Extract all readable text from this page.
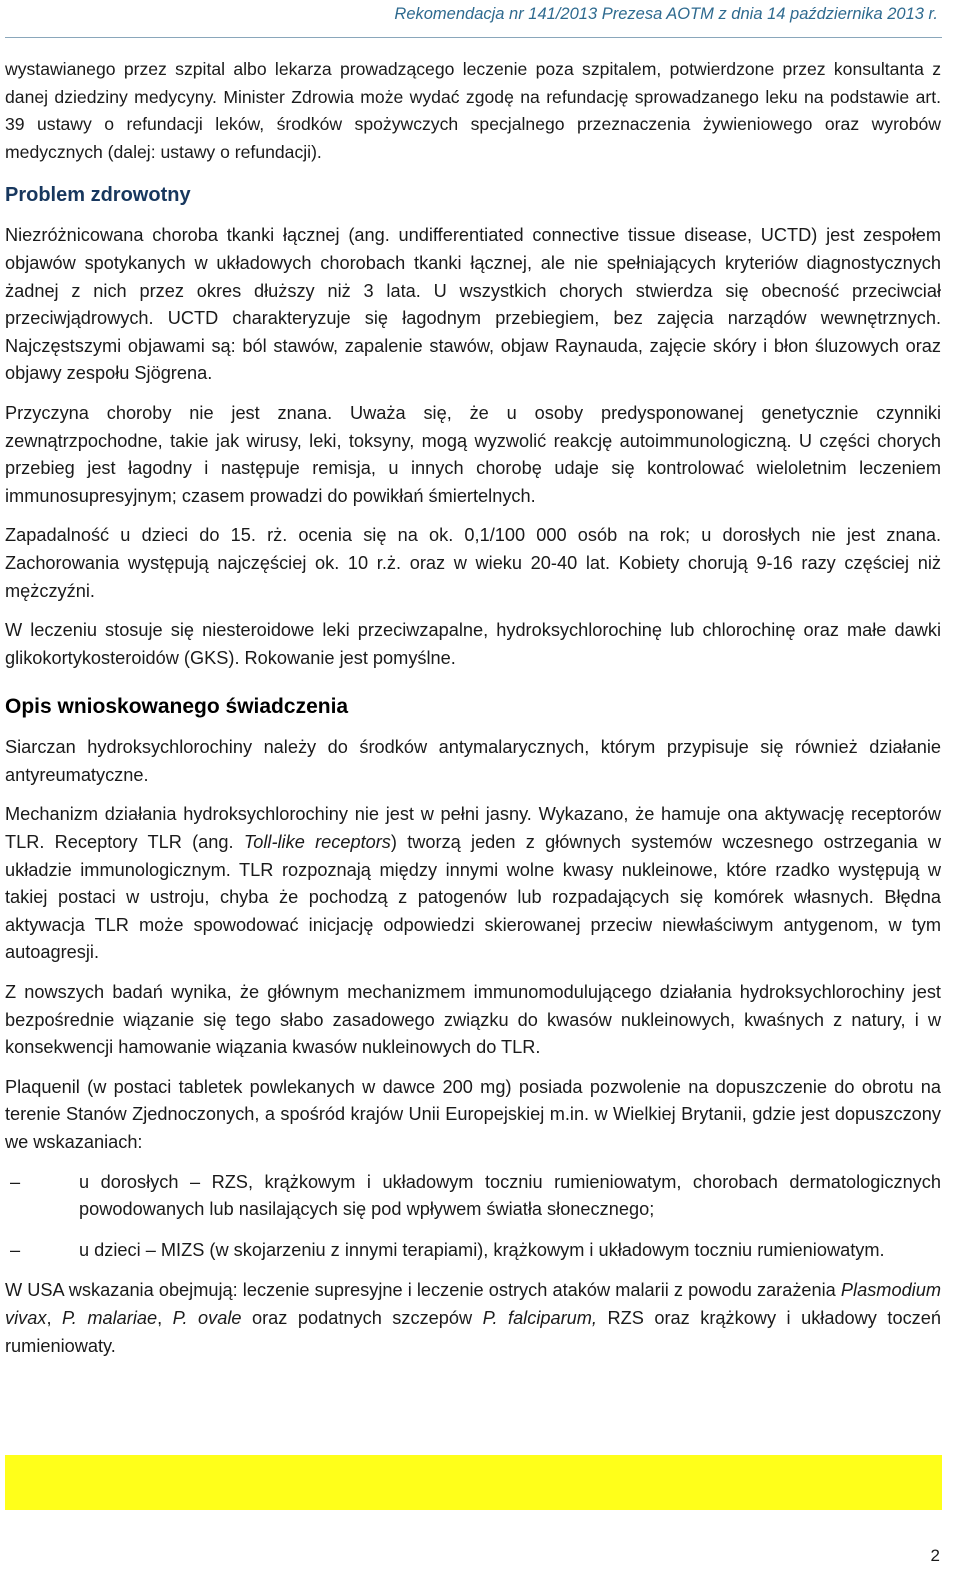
Rekomendacja nr 141/2013 Prezesa AOTM z dnia 14 października 2013 r.

wystawianego przez szpital albo lekarza prowadzącego leczenie poza szpitalem, potwierdzone przez konsultanta z danej dziedziny medycyny. Minister Zdrowia może wydać zgodę na refundację sprowadzanego leku na podstawie art. 39 ustawy o refundacji leków, środków spożywczych specjalnego przeznaczenia żywieniowego oraz wyrobów medycznych (dalej: ustawy o refundacji).

Problem zdrowotny

Niezróżnicowana choroba tkanki łącznej (ang. undifferentiated connective tissue disease, UCTD) jest zespołem objawów spotykanych w układowych chorobach tkanki łącznej, ale nie spełniających kryteriów diagnostycznych żadnej z nich przez okres dłuższy niż 3 lata. U wszystkich chorych stwierdza się obecność przeciwciał przeciwjądrowych. UCTD charakteryzuje się łagodnym przebiegiem, bez zajęcia narządów wewnętrznych. Najczęstszymi objawami są: ból stawów, zapalenie stawów, objaw Raynauda, zajęcie skóry i błon śluzowych oraz objawy zespołu Sjögrena.

Przyczyna choroby nie jest znana. Uważa się, że u osoby predysponowanej genetycznie czynniki zewnątrzpochodne, takie jak wirusy, leki, toksyny, mogą wyzwolić reakcję autoimmunologiczną. U części chorych przebieg jest łagodny i następuje remisja, u innych chorobę udaje się kontrolować wieloletnim leczeniem immunosupresyjnym; czasem prowadzi do powikłań śmiertelnych.

Zapadalność u dzieci do 15. rż. ocenia się na ok. 0,1/100 000 osób na rok; u dorosłych nie jest znana. Zachorowania występują najczęściej ok. 10 r.ż. oraz w wieku 20-40 lat. Kobiety chorują 9-16 razy częściej niż mężczyźni.

W leczeniu stosuje się niesteroidowe leki przeciwzapalne, hydroksychlorochinę lub chlorochinę oraz małe dawki glikokortykosteroidów (GKS). Rokowanie jest pomyślne.

Opis wnioskowanego świadczenia

Siarczan hydroksychlorochiny należy do środków antymalarycznych, którym przypisuje się również działanie antyreumatyczne.

Mechanizm działania hydroksychlorochiny nie jest w pełni jasny. Wykazano, że hamuje ona aktywację receptorów TLR. Receptory TLR (ang. Toll-like receptors) tworzą jeden z głównych systemów wczesnego ostrzegania w układzie immunologicznym. TLR rozpoznają między innymi wolne kwasy nukleinowe, które rzadko występują w takiej postaci w ustroju, chyba że pochodzą z patogenów lub rozpadających się komórek własnych. Błędna aktywacja TLR może spowodować inicjację odpowiedzi skierowanej przeciw niewłaściwym antygenom, w tym autoagresji.

Z nowszych badań wynika, że głównym mechanizmem immunomodulującego działania hydroksychlorochiny jest bezpośrednie wiązanie się tego słabo zasadowego związku do kwasów nukleinowych, kwaśnych z natury, i w konsekwencji hamowanie wiązania kwasów nukleinowych do TLR.

Plaquenil (w postaci tabletek powlekanych w dawce 200 mg) posiada pozwolenie na dopuszczenie do obrotu na terenie Stanów Zjednoczonych, a spośród krajów Unii Europejskiej m.in. w Wielkiej Brytanii, gdzie jest dopuszczony we wskazaniach:

–	u dorosłych – RZS, krążkowym i układowym toczniu rumieniowatym, chorobach dermatologicznych powodowanych lub nasilających się pod wpływem światła słonecznego;
–	u dzieci – MIZS (w skojarzeniu z innymi terapiami), krążkowym i układowym toczniu rumieniowatym.

W USA wskazania obejmują: leczenie supresyjne i leczenie ostrych ataków malarii z powodu zarażenia Plasmodium vivax, P. malariae, P. ovale oraz podatnych szczepów P. falciparum, RZS oraz krążkowy i układowy toczeń rumieniowaty.

2
